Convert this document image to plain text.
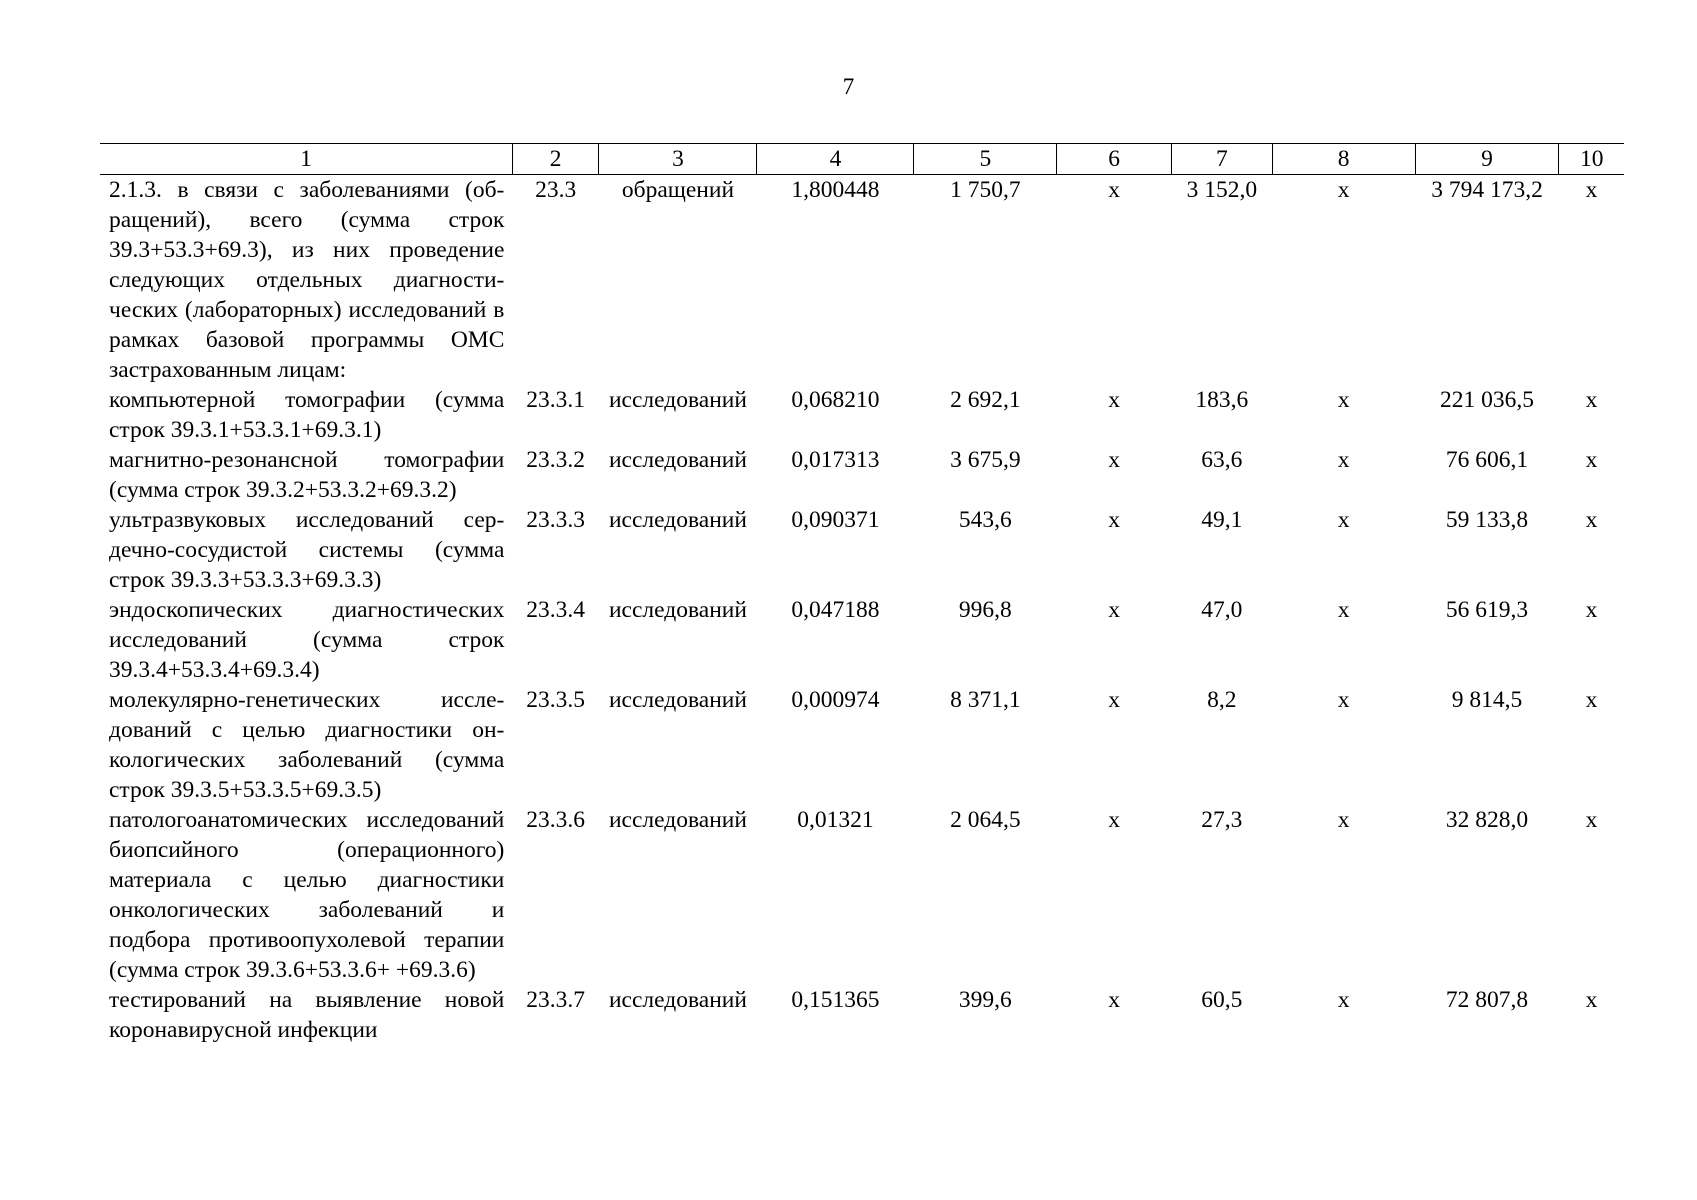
7
1	2	3	4	5	6	7	8	9	10
2.1.3. в связи с заболеваниями (обращений), всего (сумма строк 39.3+53.3+69.3), из них проведение следующих отдельных диагностических (лабораторных) исследований в рамках базовой программы ОМС застрахованным лицам:	23.3	обращений	1,800448	1 750,7	х	3 152,0	х	3 794 173,2	х
компьютерной томографии (сумма строк 39.3.1+53.3.1+69.3.1)	23.3.1	исследований	0,068210	2 692,1	х	183,6	х	221 036,5	х
магнитно-резонансной томографии (сумма строк 39.3.2+53.3.2+69.3.2)	23.3.2	исследований	0,017313	3 675,9	х	63,6	х	76 606,1	х
ультразвуковых исследований сердечно-сосудистой системы (сумма строк 39.3.3+53.3.3+69.3.3)	23.3.3	исследований	0,090371	543,6	х	49,1	х	59 133,8	х
эндоскопических диагностических исследований (сумма строк 39.3.4+53.3.4+69.3.4)	23.3.4	исследований	0,047188	996,8	х	47,0	х	56 619,3	х
молекулярно-генетических исследований с целью диагностики онкологических заболеваний (сумма строк 39.3.5+53.3.5+69.3.5)	23.3.5	исследований	0,000974	8 371,1	х	8,2	х	9 814,5	х
патологоанатомических исследований биопсийного (операционного) материала с целью диагностики онкологических заболеваний и подбора противоопухолевой терапии (сумма строк 39.3.6+53.3.6+ +69.3.6)	23.3.6	исследований	0,01321	2 064,5	х	27,3	х	32 828,0	х
тестирований на выявление новой коронавирусной инфекции	23.3.7	исследований	0,151365	399,6	х	60,5	х	72 807,8	х
